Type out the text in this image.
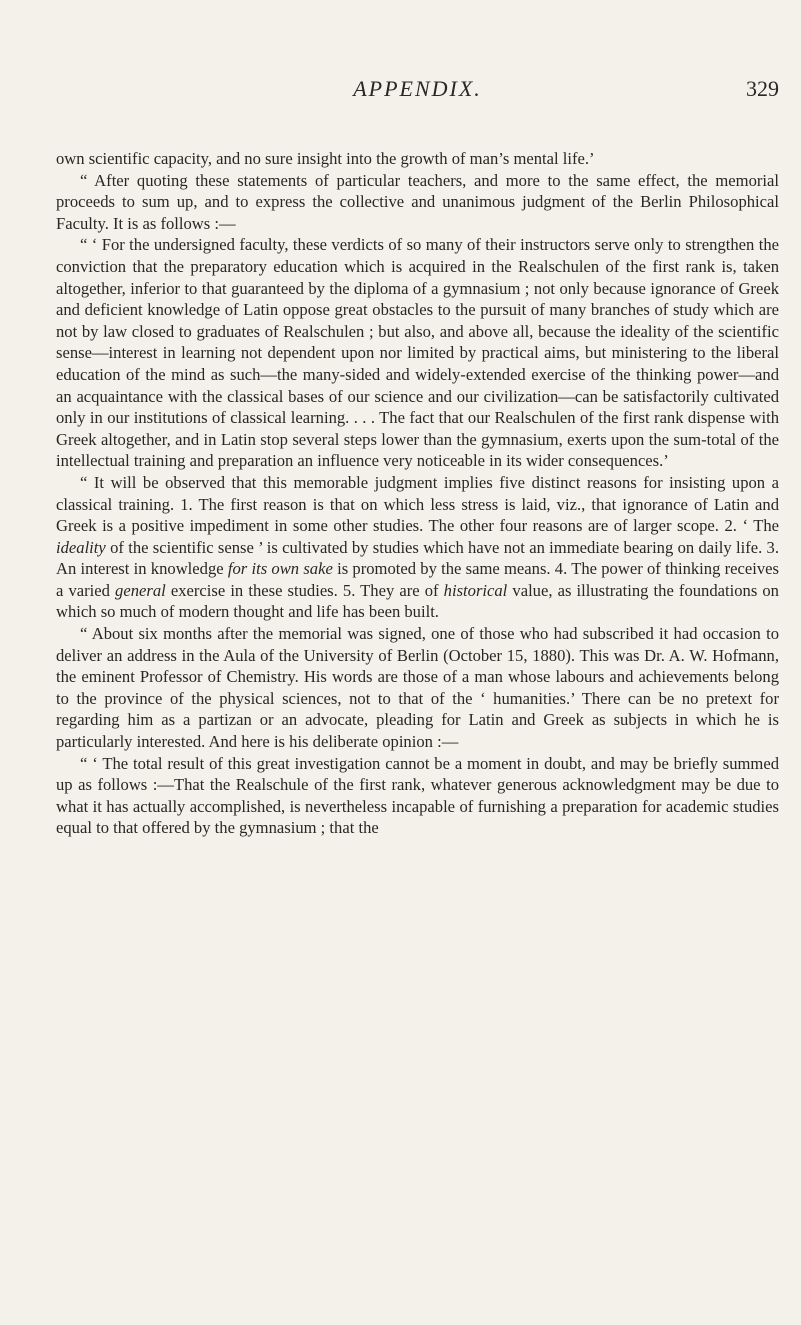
APPENDIX.	329

own scientific capacity, and no sure insight into the growth of man’s mental life.’

“ After quoting these statements of particular teachers, and more to the same effect, the memorial proceeds to sum up, and to express the collective and unanimous judgment of the Berlin Philosophical Faculty. It is as follows :—

“ ‘ For the undersigned faculty, these verdicts of so many of their instructors serve only to strengthen the conviction that the preparatory education which is acquired in the Realschulen of the first rank is, taken altogether, inferior to that guaranteed by the diploma of a gymnasium ; not only because ignorance of Greek and deficient knowledge of Latin oppose great obstacles to the pursuit of many branches of study which are not by law closed to graduates of Realschulen ; but also, and above all, because the ideality of the scientific sense—interest in learning not dependent upon nor limited by practical aims, but ministering to the liberal education of the mind as such—the many-sided and widely-extended exercise of the thinking power—and an acquaintance with the classical bases of our science and our civilization—can be satisfactorily cultivated only in our institutions of classical learning. . . . The fact that our Realschulen of the first rank dispense with Greek altogether, and in Latin stop several steps lower than the gymnasium, exerts upon the sum-total of the intellectual training and preparation an influence very noticeable in its wider consequences.’

“ It will be observed that this memorable judgment implies five distinct reasons for insisting upon a classical training. 1. The first reason is that on which less stress is laid, viz., that ignorance of Latin and Greek is a positive impediment in some other studies. The other four reasons are of larger scope. 2. ‘ The ideality of the scientific sense ’ is cultivated by studies which have not an immediate bearing on daily life. 3. An interest in knowledge for its own sake is promoted by the same means. 4. The power of thinking receives a varied general exercise in these studies. 5. They are of historical value, as illustrating the foundations on which so much of modern thought and life has been built.

“ About six months after the memorial was signed, one of those who had subscribed it had occasion to deliver an address in the Aula of the University of Berlin (October 15, 1880). This was Dr. A. W. Hofmann, the eminent Professor of Chemistry. His words are those of a man whose labours and achievements belong to the province of the physical sciences, not to that of the ‘ humanities.’ There can be no pretext for regarding him as a partizan or an advocate, pleading for Latin and Greek as subjects in which he is particularly interested. And here is his deliberate opinion :—

“ ‘ The total result of this great investigation cannot be a moment in doubt, and may be briefly summed up as follows :—That the Realschule of the first rank, whatever generous acknowledgment may be due to what it has actually accomplished, is nevertheless incapable of furnishing a preparation for academic studies equal to that offered by the gymnasium ; that the
